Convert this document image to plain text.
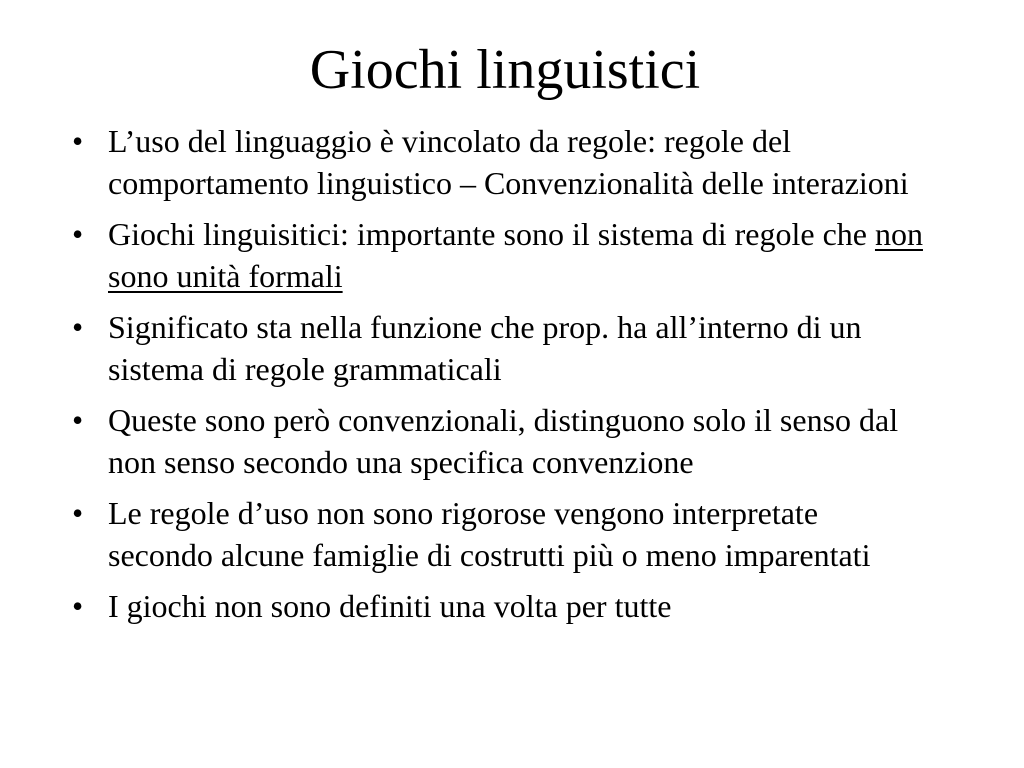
Giochi linguistici
• L’uso del linguaggio è vincolato da regole: regole del comportamento linguistico – Convenzionalità delle interazioni
• Giochi linguisitici: importante sono il sistema di regole che non sono unità formali
• Significato sta nella funzione che prop. ha all’interno di un sistema di regole grammaticali
• Queste sono però convenzionali, distinguono solo il senso dal non senso secondo una specifica convenzione
• Le regole d’uso non sono rigorose vengono interpretate secondo alcune famiglie di costrutti più o meno imparentati
• I giochi non sono definiti una volta per tutte
